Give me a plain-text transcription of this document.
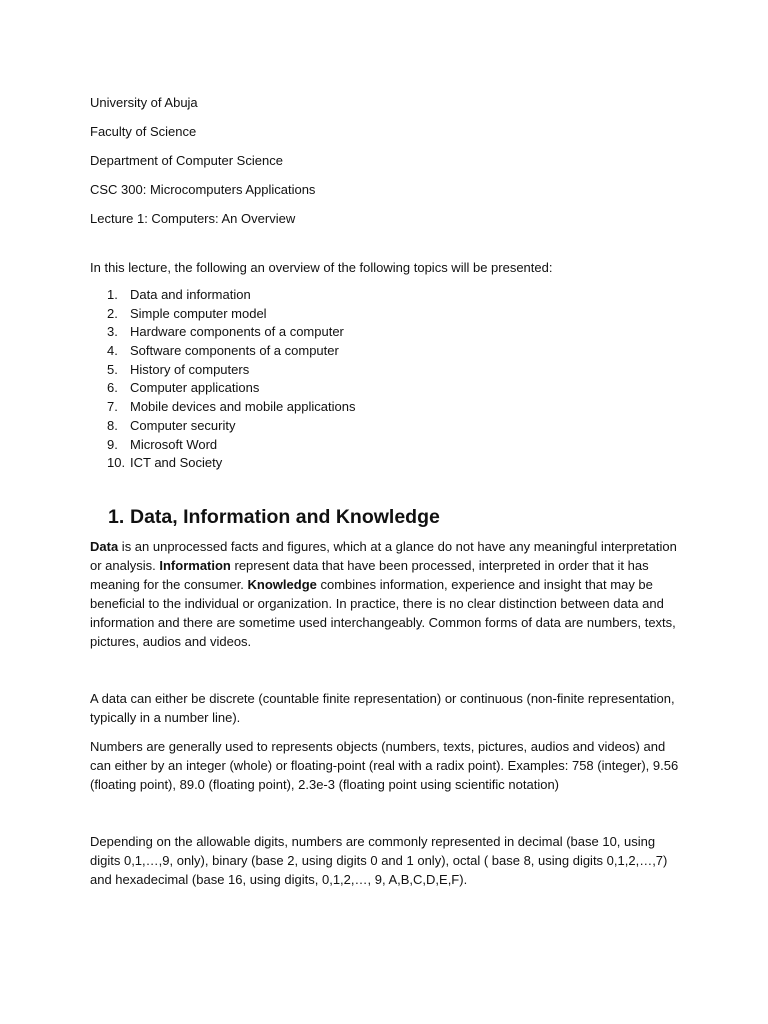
University of Abuja

Faculty of Science

Department of Computer Science

CSC 300: Microcomputers Applications

Lecture 1: Computers: An Overview

In this lecture, the following an overview of the following topics will be presented:

1. Data and information
2. Simple computer model
3. Hardware components of a computer
4. Software components of a computer
5. History of computers
6. Computer applications
7. Mobile devices and mobile applications
8. Computer security
9. Microsoft Word
10. ICT and Society
1. Data, Information and Knowledge

Data is an unprocessed facts and figures, which at a glance do not have any meaningful interpretation or analysis. Information represent data that have been processed, interpreted in order that it has meaning for the consumer. Knowledge combines information, experience and insight that may be beneficial to the individual or organization. In practice, there is no clear distinction between data and information and there are sometime used interchangeably. Common forms of data are numbers, texts, pictures, audios and videos.

A data can either be discrete (countable finite representation) or continuous (non-finite representation, typically in a number line).

Numbers are generally used to represents objects (numbers, texts, pictures, audios and videos) and can either by an integer (whole) or floating-point (real with a radix point). Examples: 758 (integer), 9.56 (floating point), 89.0 (floating point), 2.3e-3 (floating point using scientific notation)

Depending on the allowable digits, numbers are commonly represented in decimal (base 10, using digits 0,1,…,9, only), binary (base 2, using digits 0 and 1 only), octal ( base 8, using digits 0,1,2,…,7) and hexadecimal (base 16, using digits, 0,1,2,…, 9, A,B,C,D,E,F).
